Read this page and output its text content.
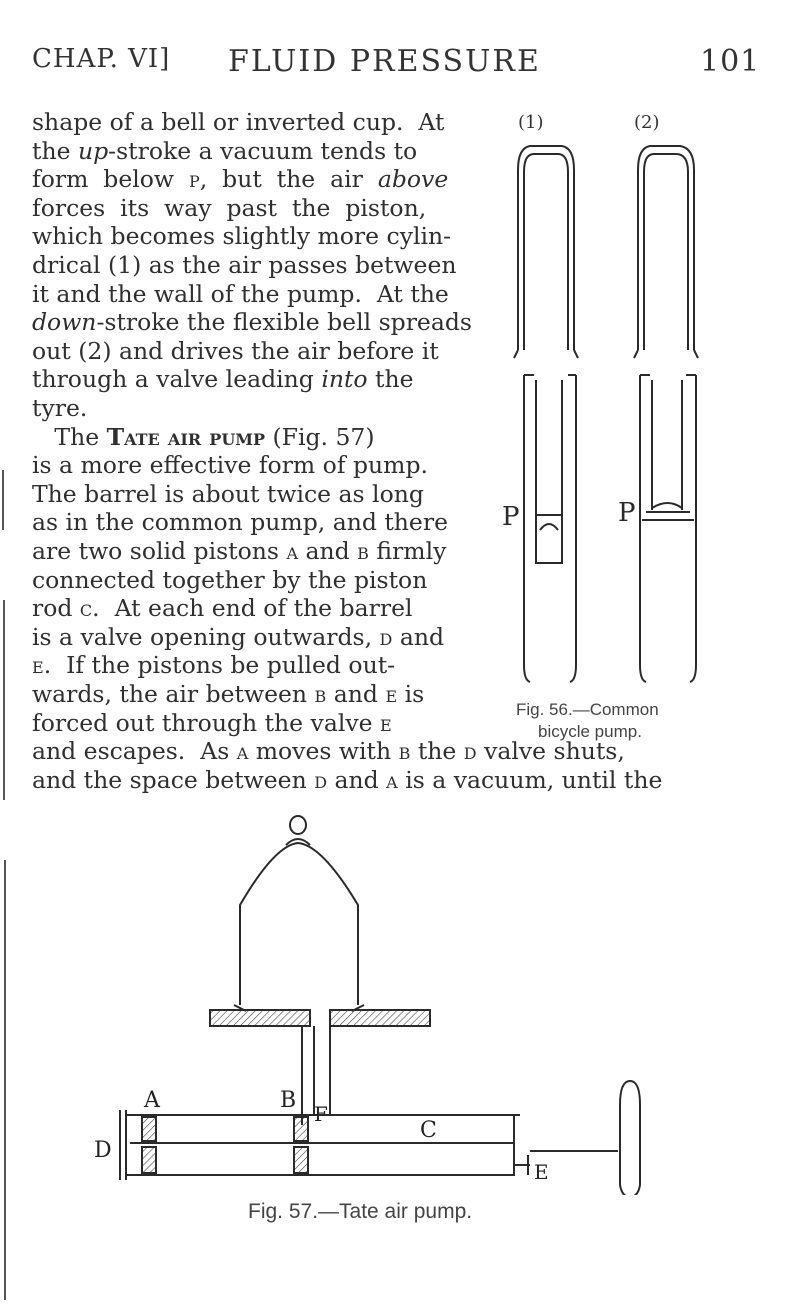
CHAP. VI] FLUID PRESSURE	101
shape of a bell or inverted cup.  At
the up-stroke a vacuum tends to
form  below  p,  but  the  air  above
forces  its  way  past  the  piston,
which becomes slightly more cylin-
drical (1) as the air passes between
it and the wall of the pump.  At the
down-stroke the flexible bell spreads
out (2) and drives the air before it
through a valve leading into the
tyre.
The Tate air pump (Fig. 57)
is a more effective form of pump.
The barrel is about twice as long
as in the common pump, and there
are two solid pistons a and b firmly
connected together by the piston
rod c.  At each end of the barrel
is a valve opening outwards, d and
e.  If the pistons be pulled out-
wards, the air between b and e is
forced out through the valve e
and escapes.  As a moves with b the d valve shuts,
and the space between d and a is a vacuum, until the
(1)	(2)
P	P
Fig. 56.—Common
bicycle pump.
A	B
F
C
D
E
Fig. 57.—Tate air pump.
